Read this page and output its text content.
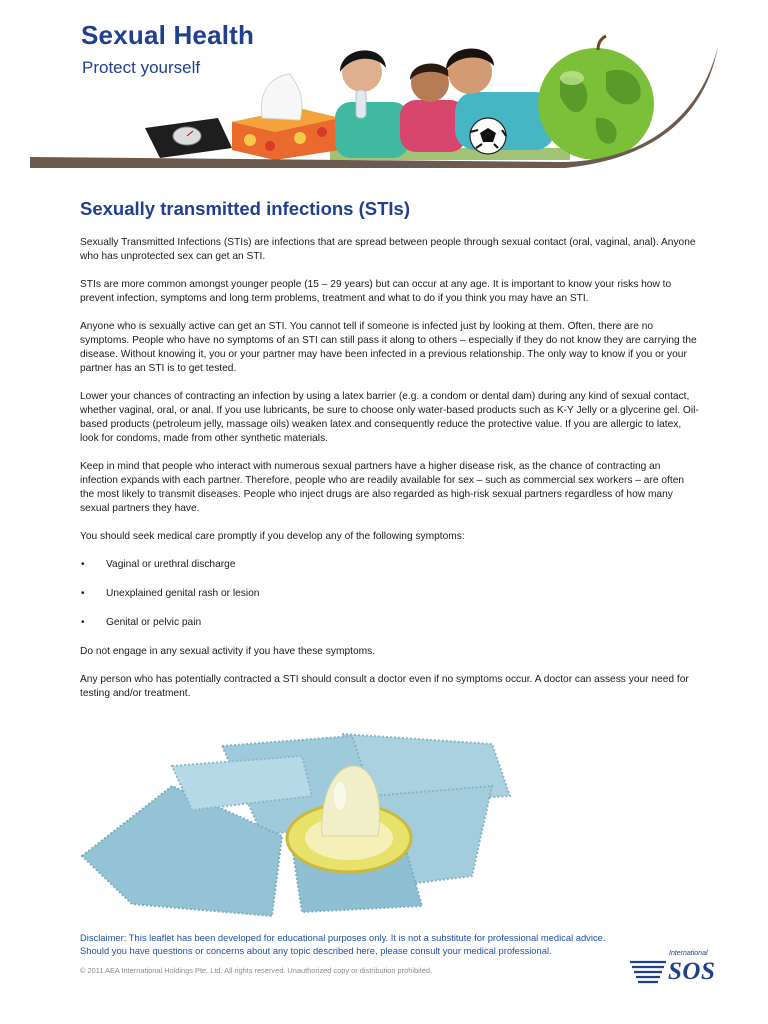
Sexual Health
Protect yourself
Sexually transmitted infections (STIs)

Sexually Transmitted Infections (STIs) are infections that are spread between people through sexual contact (oral, vaginal, anal). Anyone who has unprotected sex can get an STI.

STIs are more common amongst younger people (15 – 29 years) but can occur at any age. It is important to know your risks how to prevent infection, symptoms and long term problems, treatment and what to do if you think you may have an STI.

Anyone who is sexually active can get an STI. You cannot tell if someone is infected just by looking at them. Often, there are no symptoms. People who have no symptoms of an STI can still pass it along to others – especially if they do not know they are carrying the disease. Without knowing it, you or your partner may have been infected in a previous relationship. The only way to know if you or your partner has an STI is to get tested.

Lower your chances of contracting an infection by using a latex barrier (e.g. a condom or dental dam) during any kind of sexual contact, whether vaginal, oral, or anal. If you use lubricants, be sure to choose only water-based products such as K-Y Jelly or a glycerine gel. Oil-based products (petroleum jelly, massage oils) weaken latex and consequently reduce the protective value. If you are allergic to latex, look for condoms, made from other synthetic materials.

Keep in mind that people who interact with numerous sexual partners have a higher disease risk, as the chance of contracting an infection expands with each partner. Therefore, people who are readily available for sex – such as commercial sex workers – are often the most likely to transmit diseases. People who inject drugs are also regarded as high-risk sexual partners regardless of how many sexual partners they have.

You should seek medical care promptly if you develop any of the following symptoms:

• Vaginal or urethral discharge
• Unexplained genital rash or lesion
• Genital or pelvic pain

Do not engage in any sexual activity if you have these symptoms.

Any person who has potentially contracted a STI should consult a doctor even if no symptoms occur. A doctor can assess your need for testing and/or treatment.

Disclaimer: This leaflet has been developed for educational purposes only. It is not a substitute for professional medical advice.
Should you have questions or concerns about any topic described here, please consult your medical professional.
© 2011 AEA International Holdings Pte. Ltd. All rights reserved. Unauthorized copy or distribution prohibited.
International
SOS
